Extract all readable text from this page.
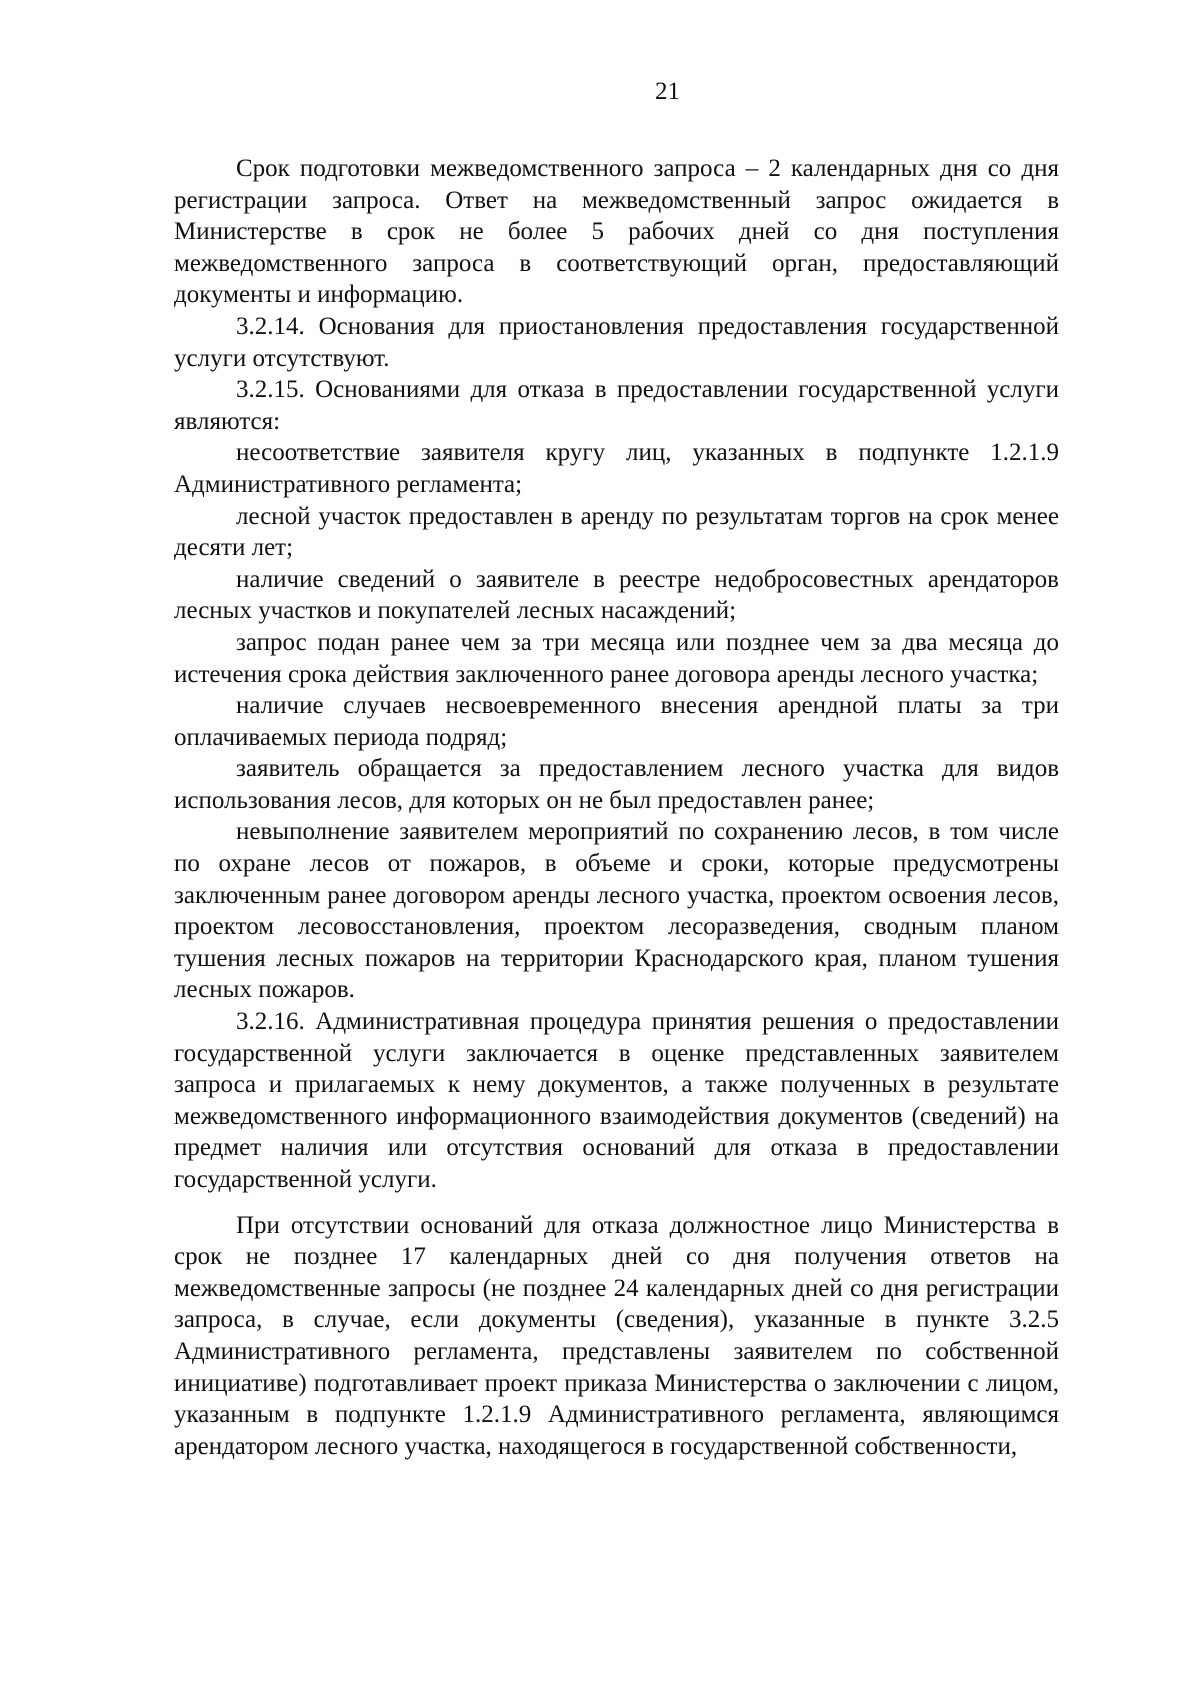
21

Срок подготовки межведомственного запроса – 2 календарных дня со дня регистрации запроса. Ответ на межведомственный запрос ожидается в Министерстве в срок не более 5 рабочих дней со дня поступления межведомственного запроса в соответствующий орган, предоставляющий документы и информацию.

3.2.14. Основания для приостановления предоставления государственной услуги отсутствуют.

3.2.15. Основаниями для отказа в предоставлении государственной услуги являются:

несоответствие заявителя кругу лиц, указанных в подпункте 1.2.1.9 Административного регламента;

лесной участок предоставлен в аренду по результатам торгов на срок менее десяти лет;

наличие сведений о заявителе в реестре недобросовестных арендаторов лесных участков и покупателей лесных насаждений;

запрос подан ранее чем за три месяца или позднее чем за два месяца до истечения срока действия заключенного ранее договора аренды лесного участка;

наличие случаев несвоевременного внесения арендной платы за три оплачиваемых периода подряд;

заявитель обращается за предоставлением лесного участка для видов использования лесов, для которых он не был предоставлен ранее;

невыполнение заявителем мероприятий по сохранению лесов, в том числе по охране лесов от пожаров, в объеме и сроки, которые предусмотрены заключенным ранее договором аренды лесного участка, проектом освоения лесов, проектом лесовосстановления, проектом лесоразведения, сводным планом тушения лесных пожаров на территории Краснодарского края, планом тушения лесных пожаров.

3.2.16. Административная процедура принятия решения о предоставлении государственной услуги заключается в оценке представленных заявителем запроса и прилагаемых к нему документов, а также полученных в результате межведомственного информационного взаимодействия документов (сведений) на предмет наличия или отсутствия оснований для отказа в предоставлении государственной услуги.

При отсутствии оснований для отказа должностное лицо Министерства в срок не позднее 17 календарных дней со дня получения ответов на межведомственные запросы (не позднее 24 календарных дней со дня регистрации запроса, в случае, если документы (сведения), указанные в пункте 3.2.5 Административного регламента, представлены заявителем по собственной инициативе) подготавливает проект приказа Министерства о заключении с лицом, указанным в подпункте 1.2.1.9 Административного регламента, являющимся арендатором лесного участка, находящегося в государственной собственности,
